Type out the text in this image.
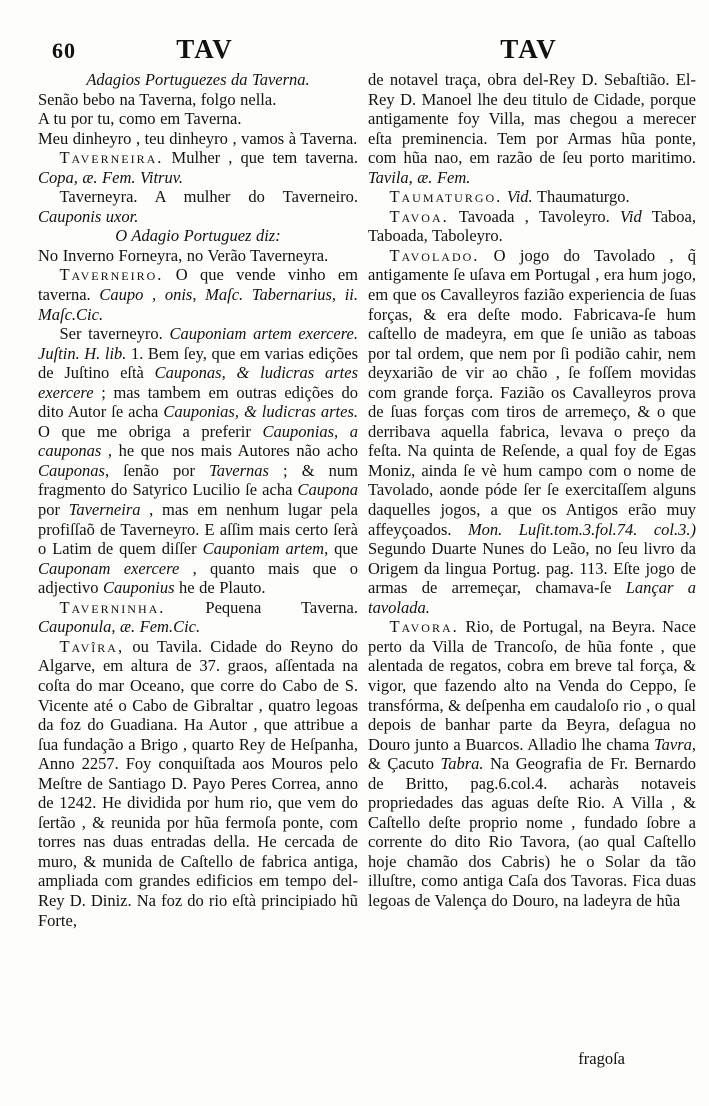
60	TAV	TAV

Adagios Portuguezes da Taverna.

Senão bebo na Taverna, folgo nella.

A tu por tu, como em Taverna.

Meu dinheyro , teu dinheyro , vamos à Taverna.

Taverneira. Mulher , que tem taverna. Copa, æ. Fem. Vitruv.

Taverneyra. A mulher do Taverneiro. Cauponis uxor.

O Adagio Portuguez diz:

No Inverno Forneyra, no Verão Taverneyra.

Taverneiro. O que vende vinho em taverna. Caupo , onis, Maſc. Tabernarius, ii. Maſc.Cic.

Ser taverneyro. Cauponiam artem exercere. Juſtin. H. lib. 1. Bem ſey, que em varias edições de Juſtino eſtà Cauponas, & ludicras artes exercere ; mas tambem em outras edições do dito Autor ſe acha Cauponias, & ludicras artes. O que me obriga a preferir Cauponias, a cauponas , he que nos mais Autores não acho Cauponas, ſenão por Tavernas ; & num fragmento do Satyrico Lucilio ſe acha Caupona por Taverneira , mas em nenhum lugar pela profiſſaõ de Taverneyro. E aſſim mais certo ſerà o Latim de quem diſſer Cauponiam artem, que Cauponam exercere , quanto mais que o adjectivo Cauponius he de Plauto.

Taverninha. Pequena Taverna. Cauponula, æ. Fem.Cic.

Tavîra, ou Tavila. Cidade do Reyno do Algarve, em altura de 37. graos, aſſentada na coſta do mar Oceano, que corre do Cabo de S. Vicente até o Cabo de Gibraltar , quatro legoas da foz do Guadiana. Ha Autor , que attribue a ſua fundação a Brigo , quarto Rey de Heſpanha, Anno 2257. Foy conquiſtada aos Mouros pelo Meſtre de Santiago D. Payo Peres Correa, anno de 1242. He dividida por hum rio, que vem do ſertão , & reunida por hũa fermoſa ponte, com torres nas duas entradas della. He cercada de muro, & munida de Caſtello de fabrica antiga, ampliada com grandes edificios em tempo del-Rey D. Diniz. Na foz do rio eſtà principiado hũ Forte,

de notavel traça, obra del-Rey D. Sebaſtião. El-Rey D. Manoel lhe deu titulo de Cidade, porque antigamente foy Villa, mas chegou a merecer eſta preminencia. Tem por Armas hũa ponte, com hũa nao, em razão de ſeu porto maritimo. Tavila, æ. Fem.

Taumaturgo. Vid. Thaumaturgo.

Tavoa. Tavoada , Tavoleyro. Vid Taboa, Taboada, Taboleyro.

Tavolado. O jogo do Tavolado , q̃ antigamente ſe uſava em Portugal , era hum jogo, em que os Cavalleyros fazião experiencia de ſuas forças, & era deſte modo. Fabricava-ſe hum caſtello de madeyra, em que ſe união as taboas por tal ordem, que nem por ſi podião cahir, nem deyxarião de vir ao chão , ſe foſſem movidas com grande força. Fazião os Cavalleyros prova de ſuas forças com tiros de arremeço, & o que derribava aquella fabrica, levava o preço da feſta. Na quinta de Reſende, a qual foy de Egas Moniz, ainda ſe vè hum campo com o nome de Tavolado, aonde póde ſer ſe exercitaſſem alguns daquelles jogos, a que os Antigos erão muy affeyçoados. Mon. Luſit.tom.3.fol.74. col.3.) Segundo Duarte Nunes do Leão, no ſeu livro da Origem da lingua Portug. pag. 113. Eſte jogo de armas de arremeçar, chamava-ſe Lançar a tavolada.

Tavora. Rio, de Portugal, na Beyra. Nace perto da Villa de Trancoſo, de hũa fonte , que alentada de regatos, cobra em breve tal força, & vigor, que fazendo alto na Venda do Ceppo, ſe transfórma, & deſpenha em caudaloſo rio , o qual depois de banhar parte da Beyra, deſagua no Douro junto a Buarcos. Alladio lhe chama Tavra, & Çacuto Tabra. Na Geografia de Fr. Bernardo de Britto, pag.6.col.4. acharàs notaveis propriedades das aguas deſte Rio. A Villa , & Caſtello deſte proprio nome , fundado ſobre a corrente do dito Rio Tavora, (ao qual Caſtello hoje chamão dos Cabris) he o Solar da tão illuſtre, como antiga Caſa dos Tavoras. Fica duas legoas de Valença do Douro, na ladeyra de hũa

fragoſa
